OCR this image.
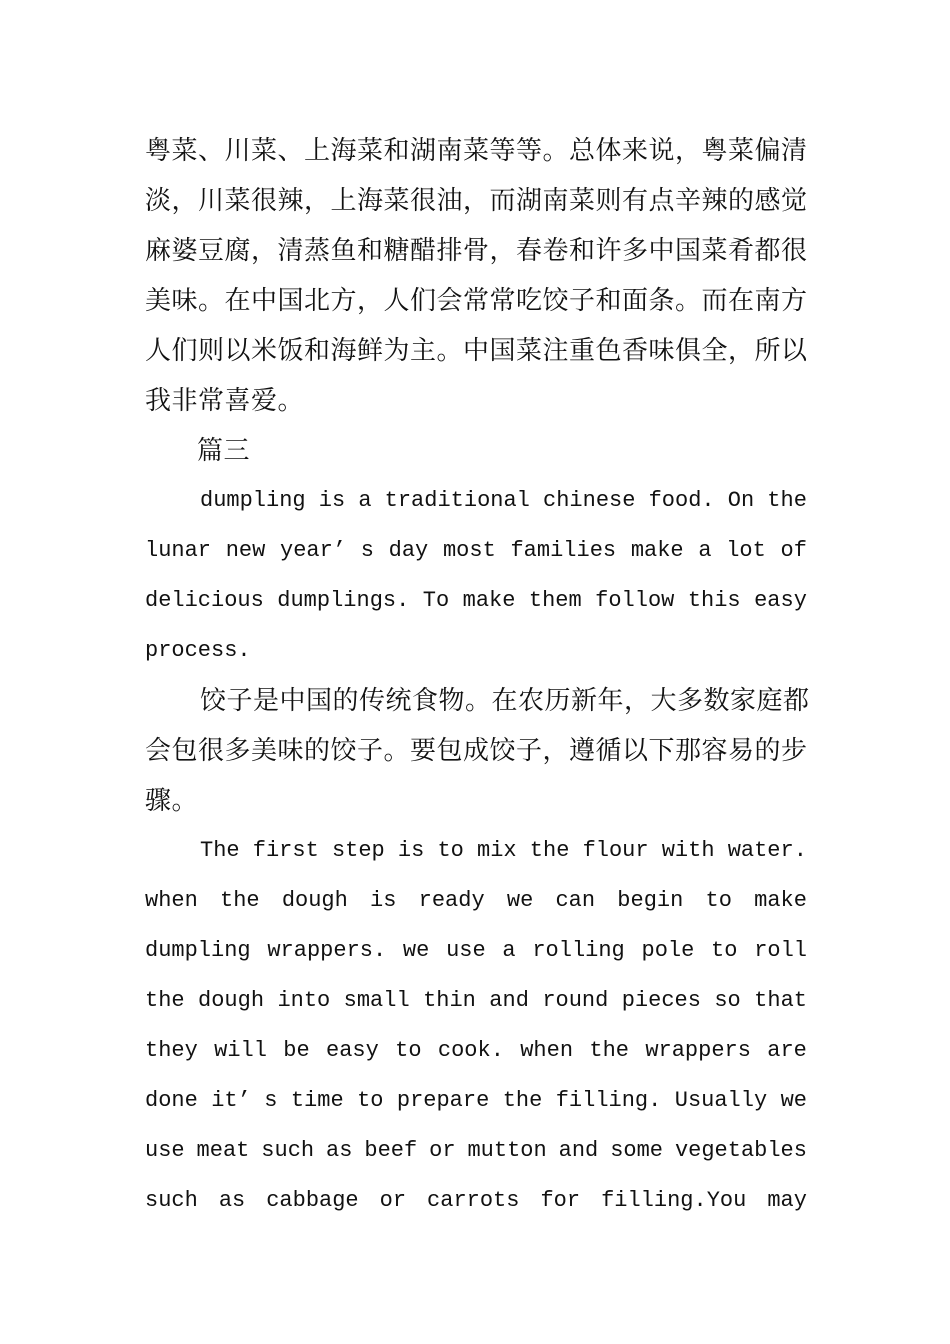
粤菜、川菜、上海菜和湖南菜等等。总体来说，粤菜偏清
淡，川菜很辣，上海菜很油，而湖南菜则有点辛辣的感觉
麻婆豆腐，清蒸鱼和糖醋排骨，春卷和许多中国菜肴都很
美味。在中国北方，人们会常常吃饺子和面条。而在南方
人们则以米饭和海鲜为主。中国菜注重色香味俱全，所以
我非常喜爱。
篇三
dumpling is a traditional chinese food. On the
lunar new year’ s day most families make a lot of
delicious dumplings. To make them follow this easy
process.
饺子是中国的传统食物。在农历新年，大多数家庭都
会包很多美味的饺子。要包成饺子，遵循以下那容易的步
骤。
The first step is to mix the flour with water.
when the dough is ready we can begin to make
dumpling wrappers. we use a rolling pole to roll
the dough into small thin and round pieces so that
they will be easy to cook. when the wrappers are
done it’ s time to prepare the filling. Usually we
use meat such as beef or mutton and some vegetables
such as cabbage or carrots for filling.You may
